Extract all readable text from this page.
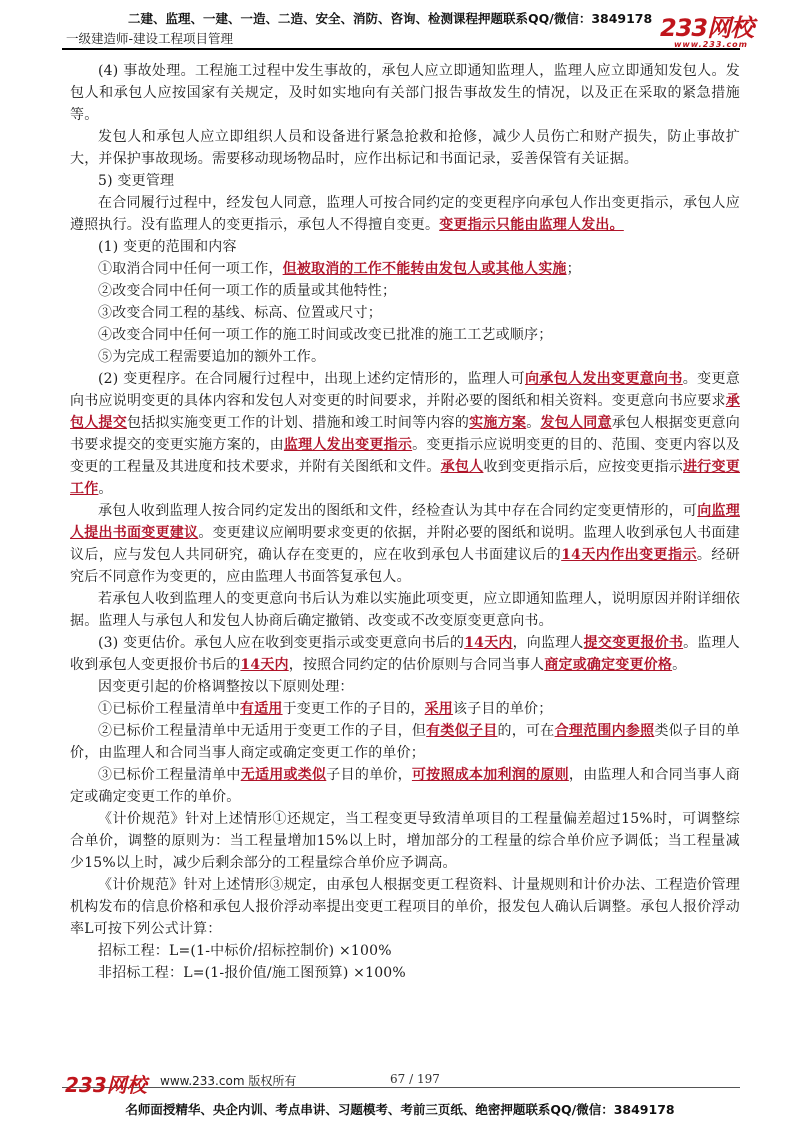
二建、监理、一建、一造、二造、安全、消防、咨询、检测课程押题联系QQ/微信：3849178
一级建造师-建设工程项目管理	233网校
www.233.com

(4) 事故处理。工程施工过程中发生事故的，承包人应立即通知监理人，监理人应立即通知发包人。发包人和承包人应按国家有关规定，及时如实地向有关部门报告事故发生的情况，以及正在采取的紧急措施等。

发包人和承包人应立即组织人员和设备进行紧急抢救和抢修，减少人员伤亡和财产损失，防止事故扩大，并保护事故现场。需要移动现场物品时，应作出标记和书面记录，妥善保管有关证据。

5) 变更管理

在合同履行过程中，经发包人同意，监理人可按合同约定的变更程序向承包人作出变更指示，承包人应遵照执行。没有监理人的变更指示，承包人不得擅自变更。变更指示只能由监理人发出。

(1) 变更的范围和内容

①取消合同中任何一项工作，但被取消的工作不能转由发包人或其他人实施；

②改变合同中任何一项工作的质量或其他特性；

③改变合同工程的基线、标高、位置或尺寸；

④改变合同中任何一项工作的施工时间或改变已批准的施工工艺或顺序；

⑤为完成工程需要追加的额外工作。

(2) 变更程序。在合同履行过程中，出现上述约定情形的，监理人可向承包人发出变更意向书。变更意向书应说明变更的具体内容和发包人对变更的时间要求，并附必要的图纸和相关资料。变更意向书应要求承包人提交包括拟实施变更工作的计划、措施和竣工时间等内容的实施方案。发包人同意承包人根据变更意向书要求提交的变更实施方案的，由监理人发出变更指示。变更指示应说明变更的目的、范围、变更内容以及变更的工程量及其进度和技术要求，并附有关图纸和文件。承包人收到变更指示后，应按变更指示进行变更工作。

承包人收到监理人按合同约定发出的图纸和文件，经检查认为其中存在合同约定变更情形的，可向监理人提出书面变更建议。变更建议应阐明要求变更的依据，并附必要的图纸和说明。监理人收到承包人书面建议后，应与发包人共同研究，确认存在变更的，应在收到承包人书面建议后的14天内作出变更指示。经研究后不同意作为变更的，应由监理人书面答复承包人。

若承包人收到监理人的变更意向书后认为难以实施此项变更，应立即通知监理人，说明原因并附详细依据。监理人与承包人和发包人协商后确定撤销、改变或不改变原变更意向书。

(3) 变更估价。承包人应在收到变更指示或变更意向书后的14天内，向监理人提交变更报价书。监理人收到承包人变更报价书后的14天内，按照合同约定的估价原则与合同当事人商定或确定变更价格。

因变更引起的价格调整按以下原则处理：

①已标价工程量清单中有适用于变更工作的子目的，采用该子目的单价；

②已标价工程量清单中无适用于变更工作的子目，但有类似子目的，可在合理范围内参照类似子目的单价，由监理人和合同当事人商定或确定变更工作的单价；

③已标价工程量清单中无适用或类似子目的单价，可按照成本加利润的原则，由监理人和合同当事人商定或确定变更工作的单价。

《计价规范》针对上述情形①还规定，当工程变更导致清单项目的工程量偏差超过15%时，可调整综合单价，调整的原则为：当工程量增加15%以上时，增加部分的工程量的综合单价应予调低；当工程量减少15%以上时，减少后剩余部分的工程量综合单价应予调高。

《计价规范》针对上述情形③规定，由承包人根据变更工程资料、计量规则和计价办法、工程造价管理机构发布的信息价格和承包人报价浮动率提出变更工程项目的单价，报发包人确认后调整。承包人报价浮动率L可按下列公式计算：

招标工程：L=(1-中标价/招标控制价) ×100%

非招标工程：L=(1-报价值/施工图预算) ×100%

233网校 www.233.com 版权所有	67 / 197
名师面授精华、央企内训、考点串讲、习题模考、考前三页纸、绝密押题联系QQ/微信：3849178
